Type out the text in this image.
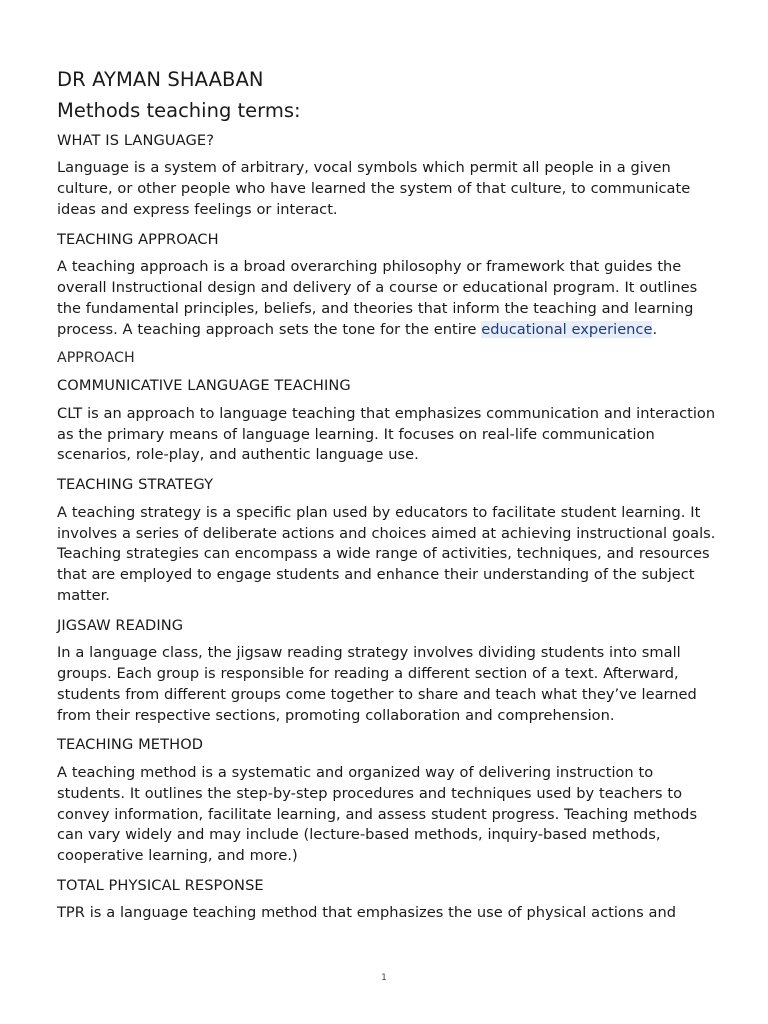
DR AYMAN SHAABAN
Methods teaching terms:
WHAT IS LANGUAGE?

Language is a system of arbitrary, vocal symbols which permit all people in a given culture, or other people who have learned the system of that culture, to communicate ideas and express feelings or interact.

TEACHING APPROACH

A teaching approach is a broad overarching philosophy or framework that guides the overall Instructional design and delivery of a course or educational program. It outlines the fundamental principles, beliefs, and theories that inform the teaching and learning process. A teaching approach sets the tone for the entire educational experience.

APPROACH
COMMUNICATIVE LANGUAGE TEACHING

CLT is an approach to language teaching that emphasizes communication and interaction as the primary means of language learning. It focuses on real-life communication scenarios, role-play, and authentic language use.

TEACHING STRATEGY

A teaching strategy is a specific plan used by educators to facilitate student learning. It involves a series of deliberate actions and choices aimed at achieving instructional goals. Teaching strategies can encompass a wide range of activities, techniques, and resources that are employed to engage students and enhance their understanding of the subject matter.

JIGSAW READING

In a language class, the jigsaw reading strategy involves dividing students into small groups. Each group is responsible for reading a different section of a text. Afterward, students from different groups come together to share and teach what they’ve learned from their respective sections, promoting collaboration and comprehension.

TEACHING METHOD

A teaching method is a systematic and organized way of delivering instruction to students. It outlines the step-by-step procedures and techniques used by teachers to convey information, facilitate learning, and assess student progress. Teaching methods can vary widely and may include (lecture-based methods, inquiry-based methods, cooperative learning, and more.)

TOTAL PHYSICAL RESPONSE

TPR is a language teaching method that emphasizes the use of physical actions and

1
